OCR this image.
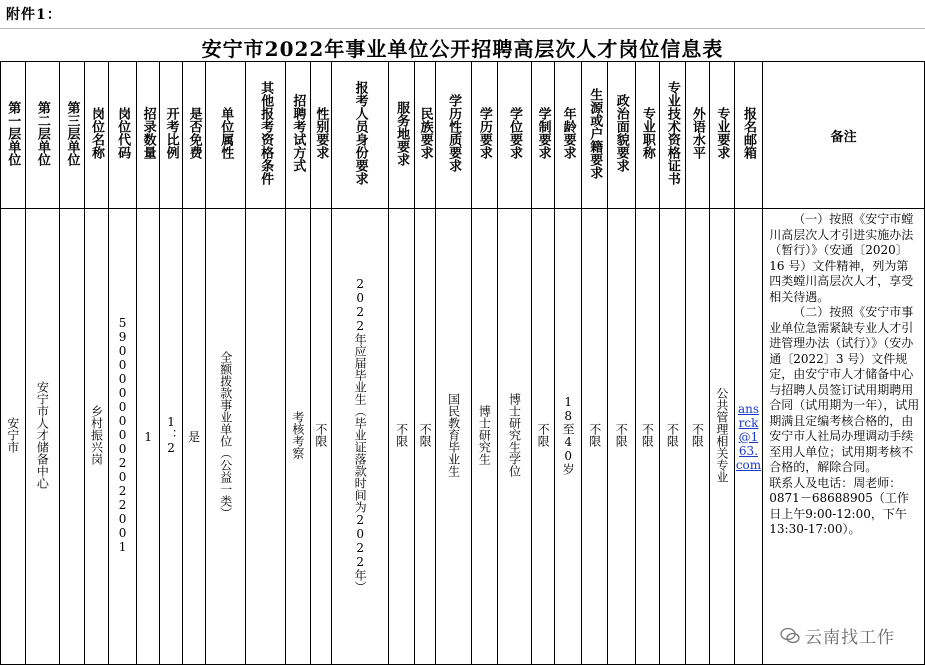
附件1：
安宁市2022年事业单位公开招聘高层次人才岗位信息表
第一层单位	第二层单位	第三层单位	岗位名称	岗位代码	招录数量	开考比例	是否免费	单位属性	其他报考资格条件	招聘考试方式	性别要求	报考人员身份要求	服务地要求	民族要求	学历性质要求	学历要求	学位要求	学制要求	年龄要求	生源或户籍要求	政治面貌要求	专业职称	专业技术资格证书	外语水平	专业要求	报名邮箱	备注
安宁市	安宁市人才储备中心		乡村振兴岗	59000000002022001	1	1：2	是	全额拨款事业单位（公益一类）		考核考察	不限	2022年应届毕业生（毕业证落款时间为2022年）	不限	不限	国民教育毕业生	博士研究生	博士研究生学位	不限	18至40岁	不限	不限	不限	不限	不限	公共管理相关专业	ansrck@163.com	（一）按照《安宁市螳川高层次人才引进实施办法（暂行）》（安通〔2020〕16 号）文件精神，列为第四类螳川高层次人才，享受相关待遇。

（二）按照《安宁市事业单位急需紧缺专业人才引进管理办法（试行）》（安办通〔2022〕3 号）文件规定，由安宁市人才储备中心与招聘人员签订试用期聘用合同（试用期为一年），试用期满且定编考核合格的，由安宁市人社局办理调动手续至用人单位；试用期考核不合格的，解除合同。

联系人及电话：周老师：0871－68688905（工作日上午9:00-12:00，下午13:30-17:00）。

云南找工作
